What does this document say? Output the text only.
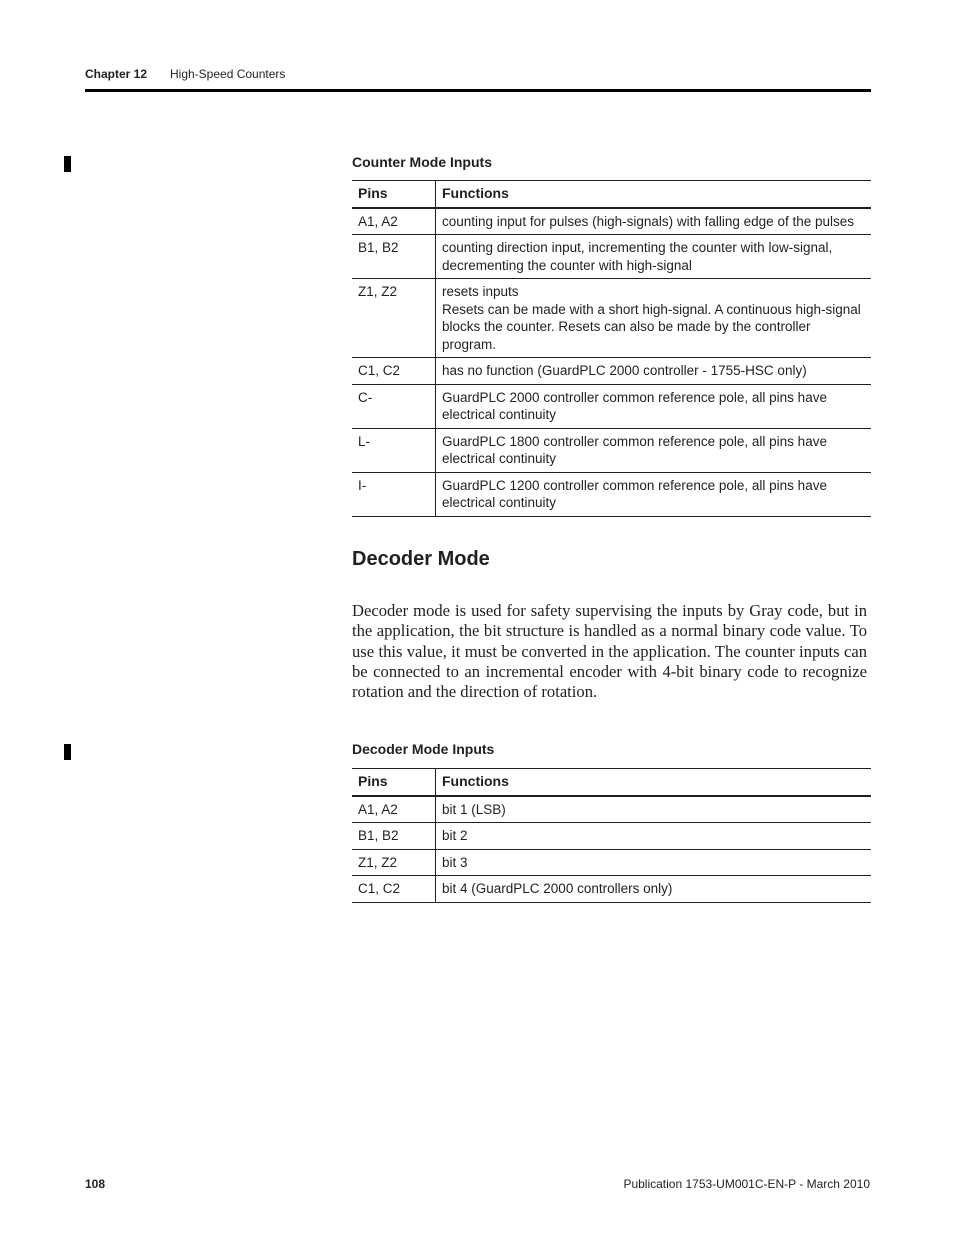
Chapter 12 High-Speed Counters
Counter Mode Inputs
Pins	Functions
A1, A2	counting input for pulses (high-signals) with falling edge of the pulses
B1, B2	counting direction input, incrementing the counter with low-signal, decrementing the counter with high-signal
Z1, Z2	resets inputs
Resets can be made with a short high-signal. A continuous high-signal blocks the counter. Resets can also be made by the controller program.
C1, C2	has no function (GuardPLC 2000 controller - 1755-HSC only)
C-	GuardPLC 2000 controller common reference pole, all pins have electrical continuity
L-	GuardPLC 1800 controller common reference pole, all pins have electrical continuity
I-	GuardPLC 1200 controller common reference pole, all pins have electrical continuity
Decoder Mode

Decoder mode is used for safety supervising the inputs by Gray code, but in the application, the bit structure is handled as a normal binary code value. To use this value, it must be converted in the application. The counter inputs can be connected to an incremental encoder with 4-bit binary code to recognize rotation and the direction of rotation.

Decoder Mode Inputs
Pins	Functions
A1, A2	bit 1 (LSB)
B1, B2	bit 2
Z1, Z2	bit 3
C1, C2	bit 4 (GuardPLC 2000 controllers only)
108	Publication 1753-UM001C-EN-P - March 2010
